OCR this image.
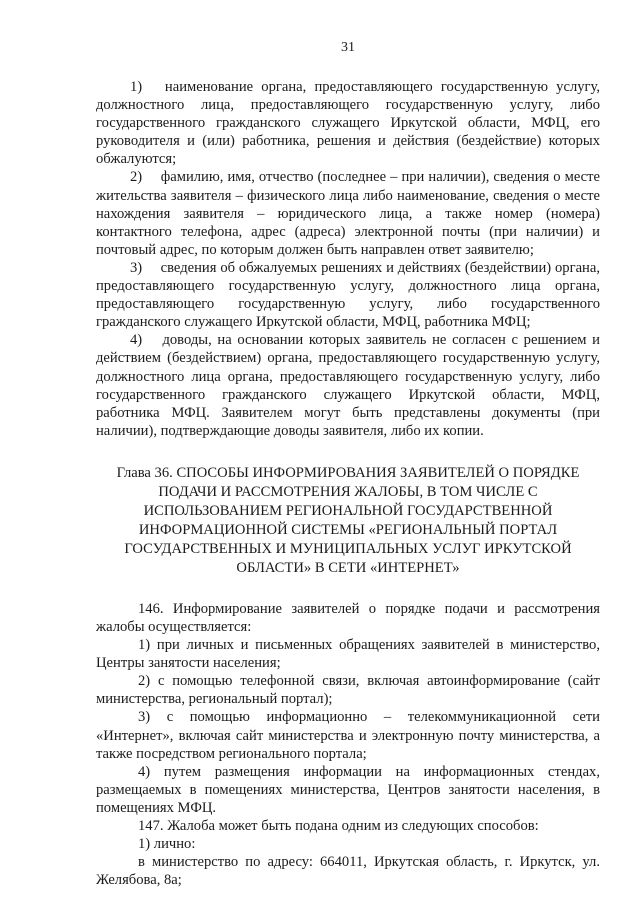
31

1)  наименование органа, предоставляющего государственную услугу, должностного лица, предоставляющего государственную услугу, либо государственного гражданского служащего Иркутской области, МФЦ, его руководителя и (или) работника, решения и действия (бездействие) которых обжалуются;

2)  фамилию, имя, отчество (последнее – при наличии), сведения о месте жительства заявителя – физического лица либо наименование, сведения о месте нахождения заявителя – юридического лица, а также номер (номера) контактного телефона, адрес (адреса) электронной почты (при наличии) и почтовый адрес, по которым должен быть направлен ответ заявителю;

3)  сведения об обжалуемых решениях и действиях (бездействии) органа, предоставляющего государственную услугу, должностного лица органа, предоставляющего государственную услугу, либо государственного гражданского служащего Иркутской области, МФЦ, работника МФЦ;

4)  доводы, на основании которых заявитель не согласен с решением и действием (бездействием) органа, предоставляющего государственную услугу, должностного лица органа, предоставляющего государственную услугу, либо государственного гражданского служащего Иркутской области, МФЦ, работника МФЦ. Заявителем могут быть представлены документы (при наличии), подтверждающие доводы заявителя, либо их копии.

Глава 36. СПОСОБЫ ИНФОРМИРОВАНИЯ ЗАЯВИТЕЛЕЙ О ПОРЯДКЕ ПОДАЧИ И РАССМОТРЕНИЯ ЖАЛОБЫ, В ТОМ ЧИСЛЕ С ИСПОЛЬЗОВАНИЕМ РЕГИОНАЛЬНОЙ ГОСУДАРСТВЕННОЙ ИНФОРМАЦИОННОЙ СИСТЕМЫ «РЕГИОНАЛЬНЫЙ ПОРТАЛ ГОСУДАРСТВЕННЫХ И МУНИЦИПАЛЬНЫХ УСЛУГ ИРКУТСКОЙ ОБЛАСТИ» В СЕТИ «ИНТЕРНЕТ»

146. Информирование заявителей о порядке подачи и рассмотрения жалобы осуществляется:

1) при личных и письменных обращениях заявителей в министерство, Центры занятости населения;

2) с помощью телефонной связи, включая автоинформирование (сайт министерства, региональный портал);

3) с помощью информационно – телекоммуникационной сети «Интернет», включая сайт министерства и электронную почту министерства, а также посредством регионального портала;

4) путем размещения информации на информационных стендах, размещаемых в помещениях министерства, Центров занятости населения, в помещениях МФЦ.

147. Жалоба может быть подана одним из следующих способов:

1) лично:

в министерство по адресу: 664011, Иркутская область, г. Иркутск, ул. Желябова, 8а;
